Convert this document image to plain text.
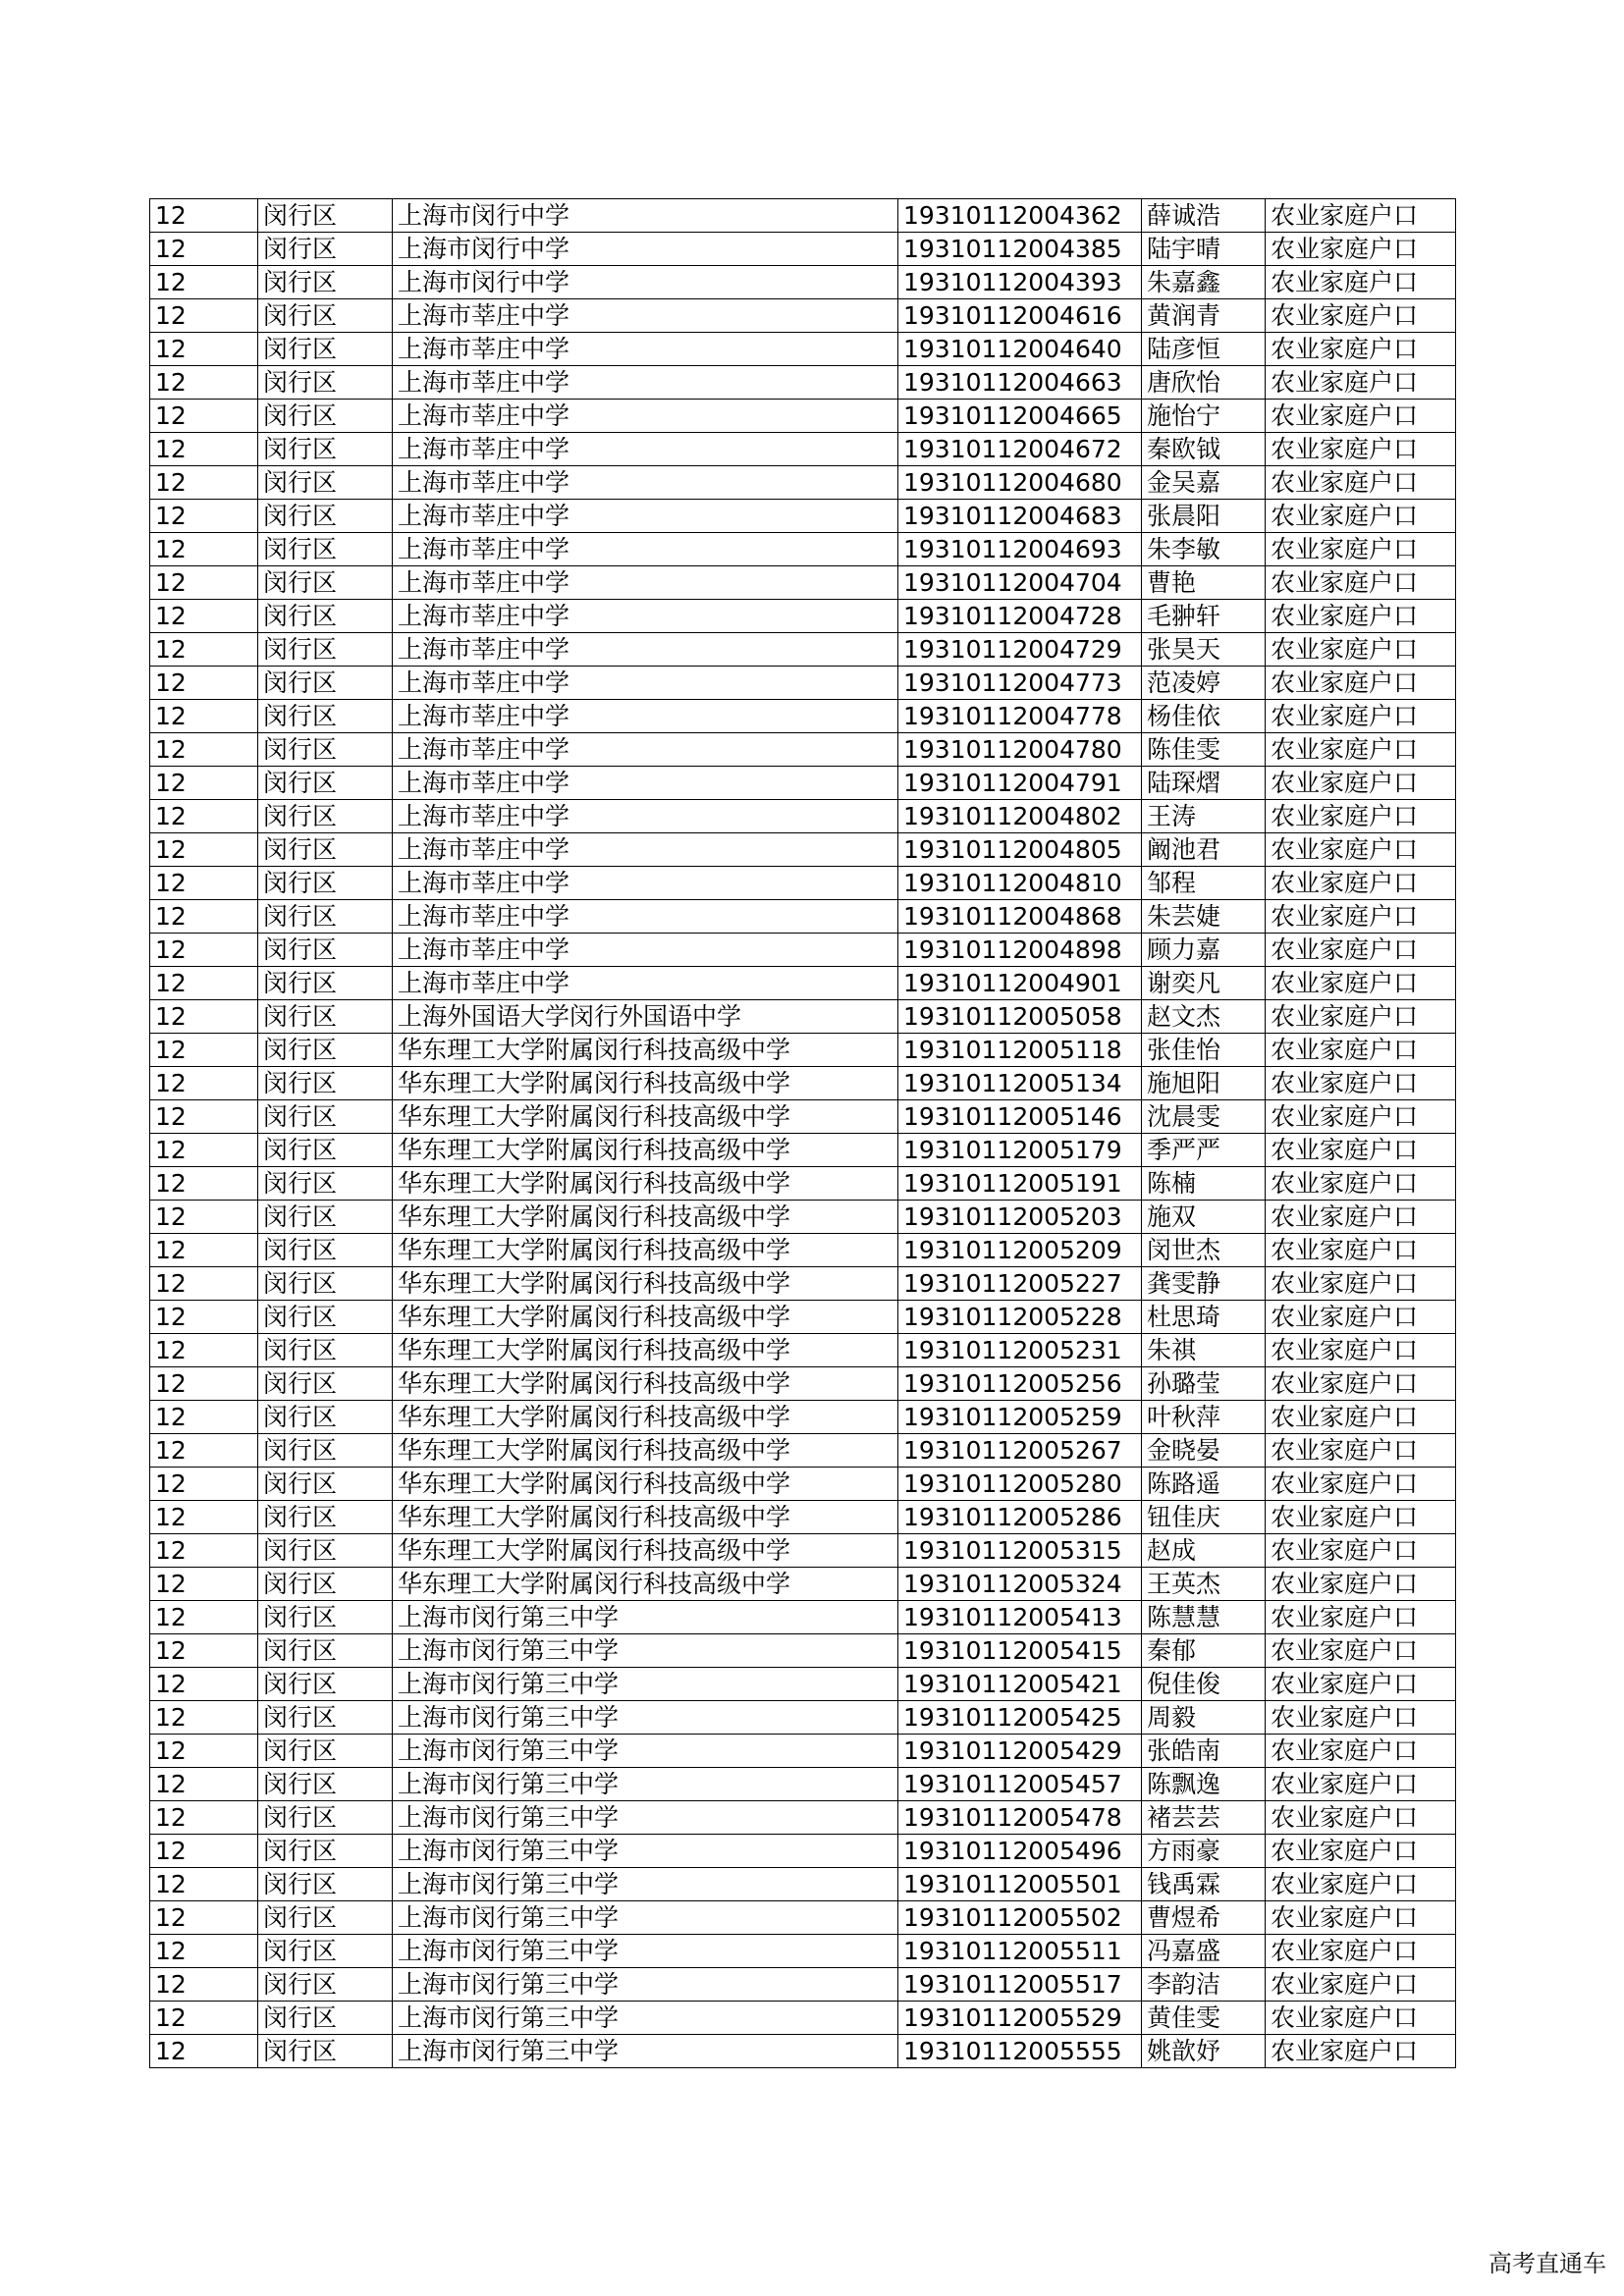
12	闵行区	上海市闵行中学	19310112004362	薛诚浩	农业家庭户口
12	闵行区	上海市闵行中学	19310112004385	陆宇晴	农业家庭户口
12	闵行区	上海市闵行中学	19310112004393	朱嘉鑫	农业家庭户口
12	闵行区	上海市莘庄中学	19310112004616	黄润青	农业家庭户口
12	闵行区	上海市莘庄中学	19310112004640	陆彦恒	农业家庭户口
12	闵行区	上海市莘庄中学	19310112004663	唐欣怡	农业家庭户口
12	闵行区	上海市莘庄中学	19310112004665	施怡宁	农业家庭户口
12	闵行区	上海市莘庄中学	19310112004672	秦欧钺	农业家庭户口
12	闵行区	上海市莘庄中学	19310112004680	金吴嘉	农业家庭户口
12	闵行区	上海市莘庄中学	19310112004683	张晨阳	农业家庭户口
12	闵行区	上海市莘庄中学	19310112004693	朱李敏	农业家庭户口
12	闵行区	上海市莘庄中学	19310112004704	曹艳	农业家庭户口
12	闵行区	上海市莘庄中学	19310112004728	毛翀轩	农业家庭户口
12	闵行区	上海市莘庄中学	19310112004729	张昊天	农业家庭户口
12	闵行区	上海市莘庄中学	19310112004773	范凌婷	农业家庭户口
12	闵行区	上海市莘庄中学	19310112004778	杨佳依	农业家庭户口
12	闵行区	上海市莘庄中学	19310112004780	陈佳雯	农业家庭户口
12	闵行区	上海市莘庄中学	19310112004791	陆琛熠	农业家庭户口
12	闵行区	上海市莘庄中学	19310112004802	王涛	农业家庭户口
12	闵行区	上海市莘庄中学	19310112004805	阚池君	农业家庭户口
12	闵行区	上海市莘庄中学	19310112004810	邹程	农业家庭户口
12	闵行区	上海市莘庄中学	19310112004868	朱芸婕	农业家庭户口
12	闵行区	上海市莘庄中学	19310112004898	顾力嘉	农业家庭户口
12	闵行区	上海市莘庄中学	19310112004901	谢奕凡	农业家庭户口
12	闵行区	上海外国语大学闵行外国语中学	19310112005058	赵文杰	农业家庭户口
12	闵行区	华东理工大学附属闵行科技高级中学	19310112005118	张佳怡	农业家庭户口
12	闵行区	华东理工大学附属闵行科技高级中学	19310112005134	施旭阳	农业家庭户口
12	闵行区	华东理工大学附属闵行科技高级中学	19310112005146	沈晨雯	农业家庭户口
12	闵行区	华东理工大学附属闵行科技高级中学	19310112005179	季严严	农业家庭户口
12	闵行区	华东理工大学附属闵行科技高级中学	19310112005191	陈楠	农业家庭户口
12	闵行区	华东理工大学附属闵行科技高级中学	19310112005203	施双	农业家庭户口
12	闵行区	华东理工大学附属闵行科技高级中学	19310112005209	闵世杰	农业家庭户口
12	闵行区	华东理工大学附属闵行科技高级中学	19310112005227	龚雯静	农业家庭户口
12	闵行区	华东理工大学附属闵行科技高级中学	19310112005228	杜思琦	农业家庭户口
12	闵行区	华东理工大学附属闵行科技高级中学	19310112005231	朱祺	农业家庭户口
12	闵行区	华东理工大学附属闵行科技高级中学	19310112005256	孙璐莹	农业家庭户口
12	闵行区	华东理工大学附属闵行科技高级中学	19310112005259	叶秋萍	农业家庭户口
12	闵行区	华东理工大学附属闵行科技高级中学	19310112005267	金晓晏	农业家庭户口
12	闵行区	华东理工大学附属闵行科技高级中学	19310112005280	陈路遥	农业家庭户口
12	闵行区	华东理工大学附属闵行科技高级中学	19310112005286	钮佳庆	农业家庭户口
12	闵行区	华东理工大学附属闵行科技高级中学	19310112005315	赵成	农业家庭户口
12	闵行区	华东理工大学附属闵行科技高级中学	19310112005324	王英杰	农业家庭户口
12	闵行区	上海市闵行第三中学	19310112005413	陈慧慧	农业家庭户口
12	闵行区	上海市闵行第三中学	19310112005415	秦郁	农业家庭户口
12	闵行区	上海市闵行第三中学	19310112005421	倪佳俊	农业家庭户口
12	闵行区	上海市闵行第三中学	19310112005425	周毅	农业家庭户口
12	闵行区	上海市闵行第三中学	19310112005429	张皓南	农业家庭户口
12	闵行区	上海市闵行第三中学	19310112005457	陈飘逸	农业家庭户口
12	闵行区	上海市闵行第三中学	19310112005478	褚芸芸	农业家庭户口
12	闵行区	上海市闵行第三中学	19310112005496	方雨豪	农业家庭户口
12	闵行区	上海市闵行第三中学	19310112005501	钱禹霖	农业家庭户口
12	闵行区	上海市闵行第三中学	19310112005502	曹煜希	农业家庭户口
12	闵行区	上海市闵行第三中学	19310112005511	冯嘉盛	农业家庭户口
12	闵行区	上海市闵行第三中学	19310112005517	李韵洁	农业家庭户口
12	闵行区	上海市闵行第三中学	19310112005529	黄佳雯	农业家庭户口
12	闵行区	上海市闵行第三中学	19310112005555	姚歆妤	农业家庭户口
高考直通车
